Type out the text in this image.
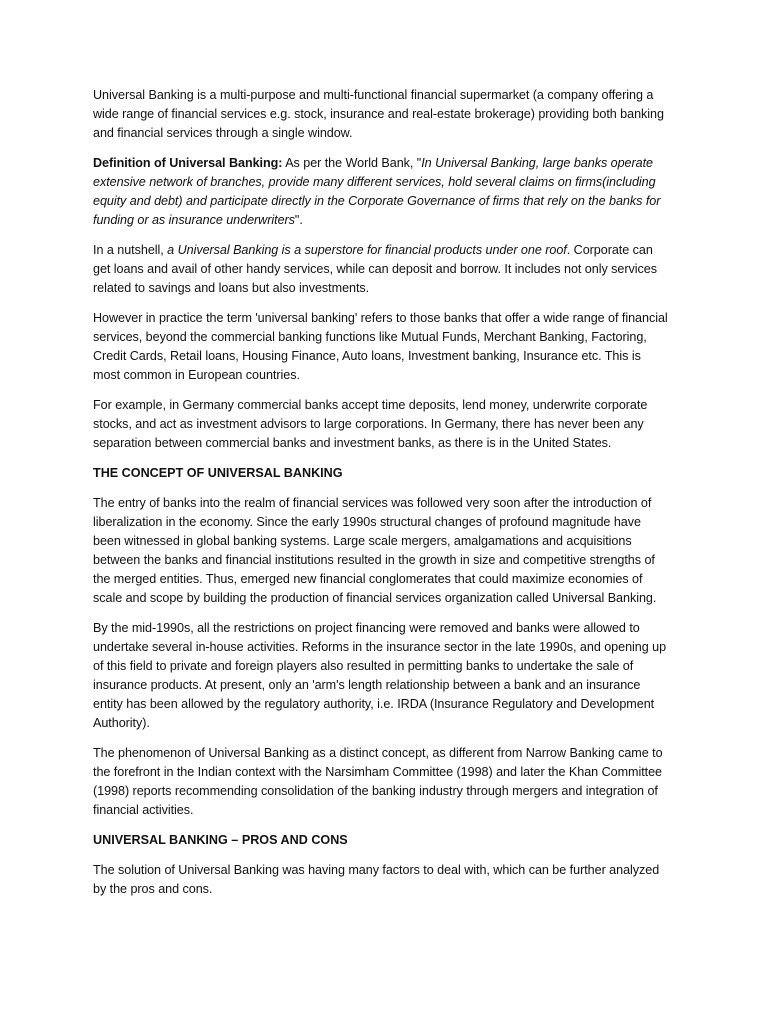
Universal Banking is a multi-purpose and multi-functional financial supermarket (a company offering a wide range of financial services e.g. stock, insurance and real-estate brokerage) providing both banking and financial services through a single window.

Definition of Universal Banking: As per the World Bank, "In Universal Banking, large banks operate extensive network of branches, provide many different services, hold several claims on firms(including equity and debt) and participate directly in the Corporate Governance of firms that rely on the banks for funding or as insurance underwriters".

In a nutshell, a Universal Banking is a superstore for financial products under one roof. Corporate can get loans and avail of other handy services, while can deposit and borrow. It includes not only services related to savings and loans but also investments.

However in practice the term 'universal banking' refers to those banks that offer a wide range of financial services, beyond the commercial banking functions like Mutual Funds, Merchant Banking, Factoring, Credit Cards, Retail loans, Housing Finance, Auto loans, Investment banking, Insurance etc. This is most common in European countries.

For example, in Germany commercial banks accept time deposits, lend money, underwrite corporate stocks, and act as investment advisors to large corporations. In Germany, there has never been any separation between commercial banks and investment banks, as there is in the United States.

THE CONCEPT OF UNIVERSAL BANKING

The entry of banks into the realm of financial services was followed very soon after the introduction of liberalization in the economy. Since the early 1990s structural changes of profound magnitude have been witnessed in global banking systems. Large scale mergers, amalgamations and acquisitions between the banks and financial institutions resulted in the growth in size and competitive strengths of the merged entities. Thus, emerged new financial conglomerates that could maximize economies of scale and scope by building the production of financial services organization called Universal Banking.

By the mid-1990s, all the restrictions on project financing were removed and banks were allowed to undertake several in-house activities. Reforms in the insurance sector in the late 1990s, and opening up of this field to private and foreign players also resulted in permitting banks to undertake the sale of insurance products. At present, only an 'arm's length relationship between a bank and an insurance entity has been allowed by the regulatory authority, i.e. IRDA (Insurance Regulatory and Development Authority).

The phenomenon of Universal Banking as a distinct concept, as different from Narrow Banking came to the forefront in the Indian context with the Narsimham Committee (1998) and later the Khan Committee (1998) reports recommending consolidation of the banking industry through mergers and integration of financial activities.

UNIVERSAL BANKING – PROS AND CONS

The solution of Universal Banking was having many factors to deal with, which can be further analyzed by the pros and cons.
